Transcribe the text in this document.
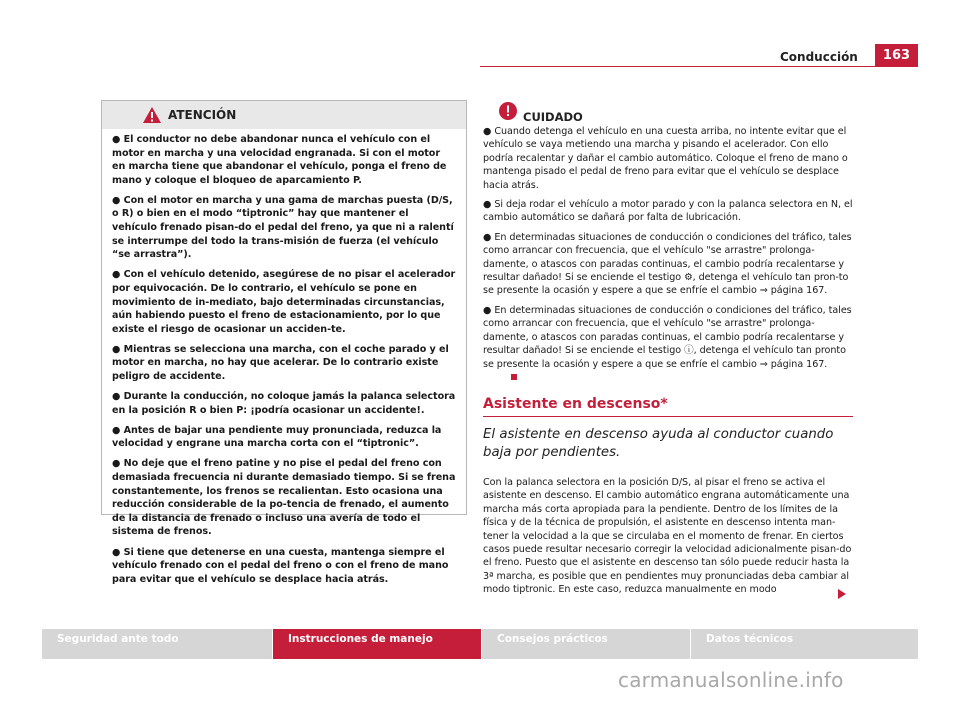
Conducción	163
ATENCIÓN

● El conductor no debe abandonar nunca el vehículo con el motor en marcha y una velocidad engranada. Si con el motor en marcha tiene que abandonar el vehículo, ponga el freno de mano y coloque el bloqueo de aparcamiento P.

● Con el motor en marcha y una gama de marchas puesta (D/S, o R) o bien en el modo “tiptronic” hay que mantener el vehículo frenado pisan-do el pedal del freno, ya que ni a ralentí se interrumpe del todo la trans-misión de fuerza (el vehículo “se arrastra”).

● Con el vehículo detenido, asegúrese de no pisar el acelerador por equivocación. De lo contrario, el vehículo se pone en movimiento de in-mediato, bajo determinadas circunstancias, aún habiendo puesto el freno de estacionamiento, por lo que existe el riesgo de ocasionar un acciden-te.

● Mientras se selecciona una marcha, con el coche parado y el motor en marcha, no hay que acelerar. De lo contrario existe peligro de accidente.

● Durante la conducción, no coloque jamás la palanca selectora en la posición R o bien P: ¡podría ocasionar un accidente!.

● Antes de bajar una pendiente muy pronunciada, reduzca la velocidad y engrane una marcha corta con el “tiptronic”.

● No deje que el freno patine y no pise el pedal del freno con demasiada frecuencia ni durante demasiado tiempo. Si se frena constantemente, los frenos se recalientan. Esto ocasiona una reducción considerable de la po-tencia de frenado, el aumento de la distancia de frenado o incluso una avería de todo el sistema de frenos.

● Si tiene que detenerse en una cuesta, mantenga siempre el vehículo frenado con el pedal del freno o con el freno de mano para evitar que el vehículo se desplace hacia atrás.

CUIDADO

● Cuando detenga el vehículo en una cuesta arriba, no intente evitar que el vehículo se vaya metiendo una marcha y pisando el acelerador. Con ello podría recalentar y dañar el cambio automático. Coloque el freno de mano o mantenga pisado el pedal de freno para evitar que el vehículo se desplace hacia atrás.

● Si deja rodar el vehículo a motor parado y con la palanca selectora en N, el cambio automático se dañará por falta de lubricación.

● En determinadas situaciones de conducción o condiciones del tráfico, tales como arrancar con frecuencia, que el vehículo "se arrastre" prolonga-damente, o atascos con paradas continuas, el cambio podría recalentarse y resultar dañado! Si se enciende el testigo ⚙, detenga el vehículo tan pron-to se presente la ocasión y espere a que se enfríe el cambio ⇒ página 167.

● En determinadas situaciones de conducción o condiciones del tráfico, tales como arrancar con frecuencia, que el vehículo "se arrastre" prolonga-damente, o atascos con paradas continuas, el cambio podría recalentarse y resultar dañado! Si se enciende el testigo ⓘ, detenga el vehículo tan pronto se presente la ocasión y espere a que se enfríe el cambio ⇒ página 167.

Asistente en descenso*
El asistente en descenso ayuda al conductor cuando baja por pendientes.
Con la palanca selectora en la posición D/S, al pisar el freno se activa el asistente en descenso. El cambio automático engrana automáticamente una marcha más corta apropiada para la pendiente. Dentro de los límites de la física y de la técnica de propulsión, el asistente en descenso intenta man-tener la velocidad a la que se circulaba en el momento de frenar. En ciertos casos puede resultar necesario corregir la velocidad adicionalmente pisan-do el freno. Puesto que el asistente en descenso tan sólo puede reducir hasta la 3ª marcha, es posible que en pendientes muy pronunciadas deba cambiar al modo tiptronic. En este caso, reduzca manualmente en modo
Seguridad ante todo	Instrucciones de manejo	Consejos prácticos	Datos técnicos
carmanualsonline.info
